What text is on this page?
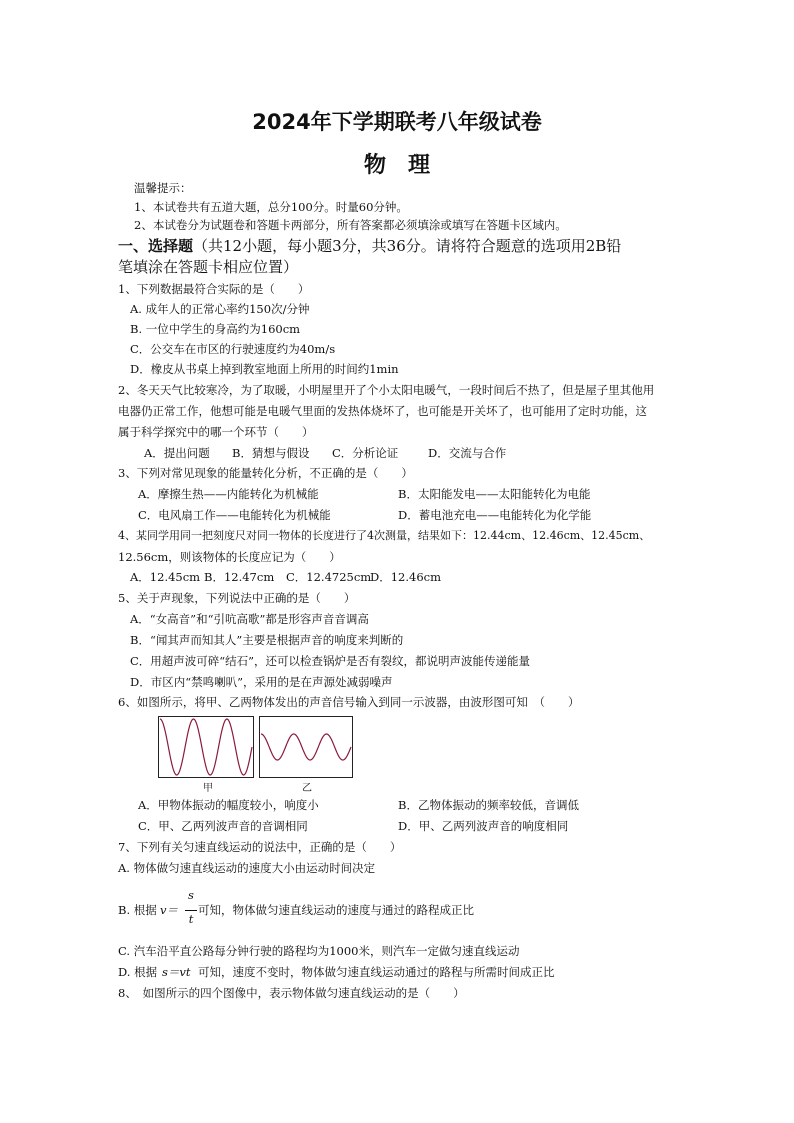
2024年下学期联考八年级试卷
物　理
温馨提示：
1、本试卷共有五道大题，总分100分。时量60分钟。
2、本试卷分为试题卷和答题卡两部分，所有答案都必须填涂或填写在答题卡区域内。
一、选择题（共12小题，每小题3分，共36分。请将符合题意的选项用2B铅
笔填涂在答题卡相应位置）
1、下列数据最符合实际的是（　　）
A. 成年人的正常心率约150次/分钟
B. 一位中学生的身高约为160cm
C．公交车在市区的行驶速度约为40m/s
D．橡皮从书桌上掉到教室地面上所用的时间约1min
2、冬天天气比较寒冷，为了取暖，小明屋里开了个小太阳电暖气，一段时间后不热了，但是屋子里其他用
电器仍正常工作，他想可能是电暖气里面的发热体烧坏了，也可能是开关坏了，也可能用了定时功能，这
属于科学探究中的哪一个环节（　　）
A．提出问题 B．猜想与假设 C．分析论证	D．交流与合作
3、下列对常见现象的能量转化分析，不正确的是（　　）
A．摩擦生热——内能转化为机械能	B．太阳能发电——太阳能转化为电能
C．电风扇工作——电能转化为机械能	D．蓄电池充电——电能转化为化学能
4、某同学用同一把刻度尺对同一物体的长度进行了4次测量，结果如下：12.44cm、12.46cm、12.45cm、
12.56cm，则该物体的长度应记为（　　）
A．12.45cm B．12.47cm C．12.4725cm
D．12.46cm
5、关于声现象，下列说法中正确的是（　　）
A．“女高音”和“引吭高歌”都是形容声音音调高
B．“闻其声而知其人”主要是根据声音的响度来判断的
C．用超声波可碎“结石”，还可以检查锅炉是否有裂纹，都说明声波能传递能量
D．市区内“禁鸣喇叭”，采用的是在声源处减弱噪声
6、如图所示，将甲、乙两物体发出的声音信号输入到同一示波器，由波形图可知　（　　）
甲	乙
A．甲物体振动的幅度较小，响度小	B．乙物体振动的频率较低，音调低
C．甲、乙两列波声音的音调相同	D．甲、乙两列波声音的响度相同
7、下列有关匀速直线运动的说法中，正确的是（　　）
A. 物体做匀速直线运动的速度大小由运动时间决定
B. 根据 v＝
s
t
可知，物体做匀速直线运动的速度与通过的路程成正比
C. 汽车沿平直公路每分钟行驶的路程均为1000米，则汽车一定做匀速直线运动
D. 根据 s＝vt 可知，速度不变时，物体做匀速直线运动通过的路程与所需时间成正比
8、　如图所示的四个图像中，表示物体做匀速直线运动的是（　　）
